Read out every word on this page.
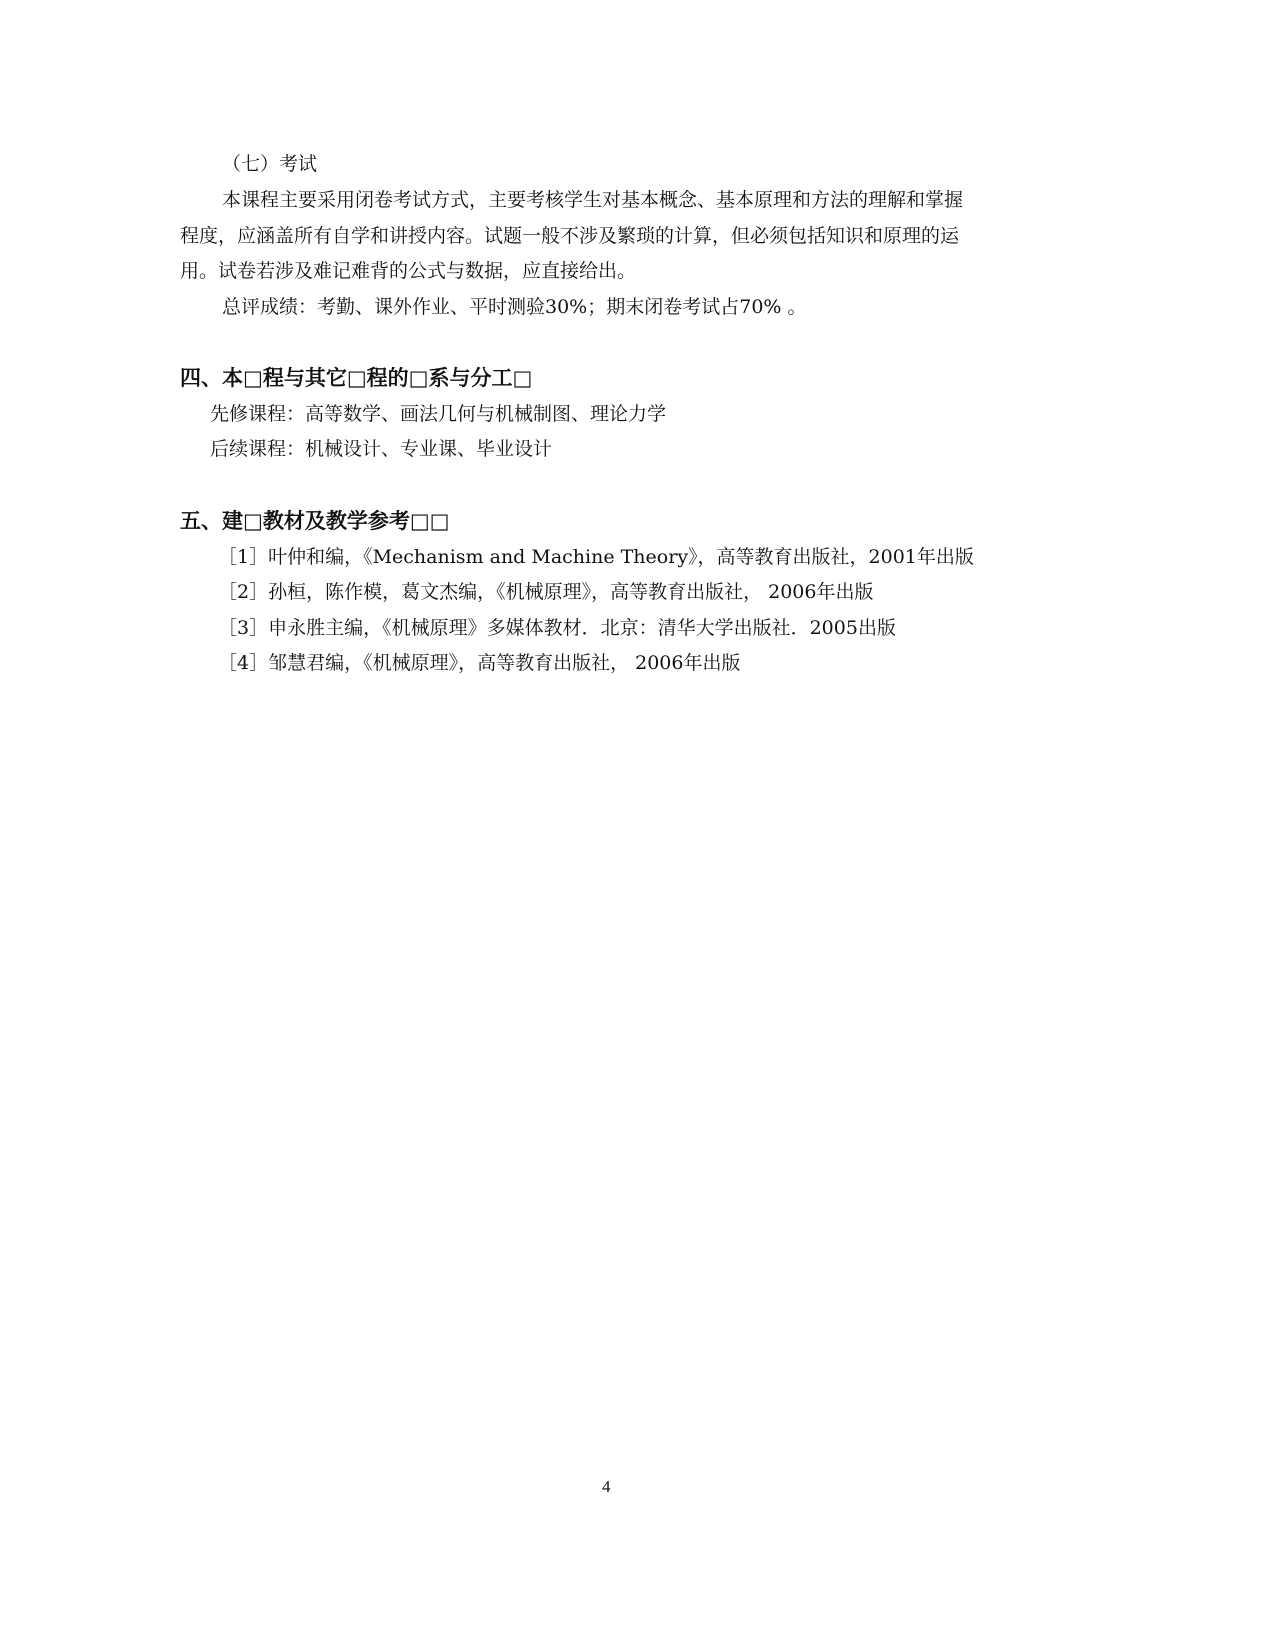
（七）考试
本课程主要采用闭卷考试方式，主要考核学生对基本概念、基本原理和方法的理解和掌握
程度，应涵盖所有自学和讲授内容。试题一般不涉及繁琐的计算，但必须包括知识和原理的运
用。试卷若涉及难记难背的公式与数据，应直接给出。
总评成绩：考勤、课外作业、平时测验30%；期末闭卷考试占70% 。
四、本□程与其它□程的□系与分工□
先修课程：高等数学、画法几何与机械制图、理论力学
后续课程：机械设计、专业课、毕业设计
五、建□教材及教学参考□□
［1］叶仲和编，《Mechanism and Machine Theory》，高等教育出版社，2001年出版
［2］孙桓，陈作模，葛文杰编，《机械原理》，高等教育出版社， 2006年出版
［3］申永胜主编，《机械原理》多媒体教材．北京：清华大学出版社．2005出版
［4］邹慧君编，《机械原理》，高等教育出版社， 2006年出版
4
